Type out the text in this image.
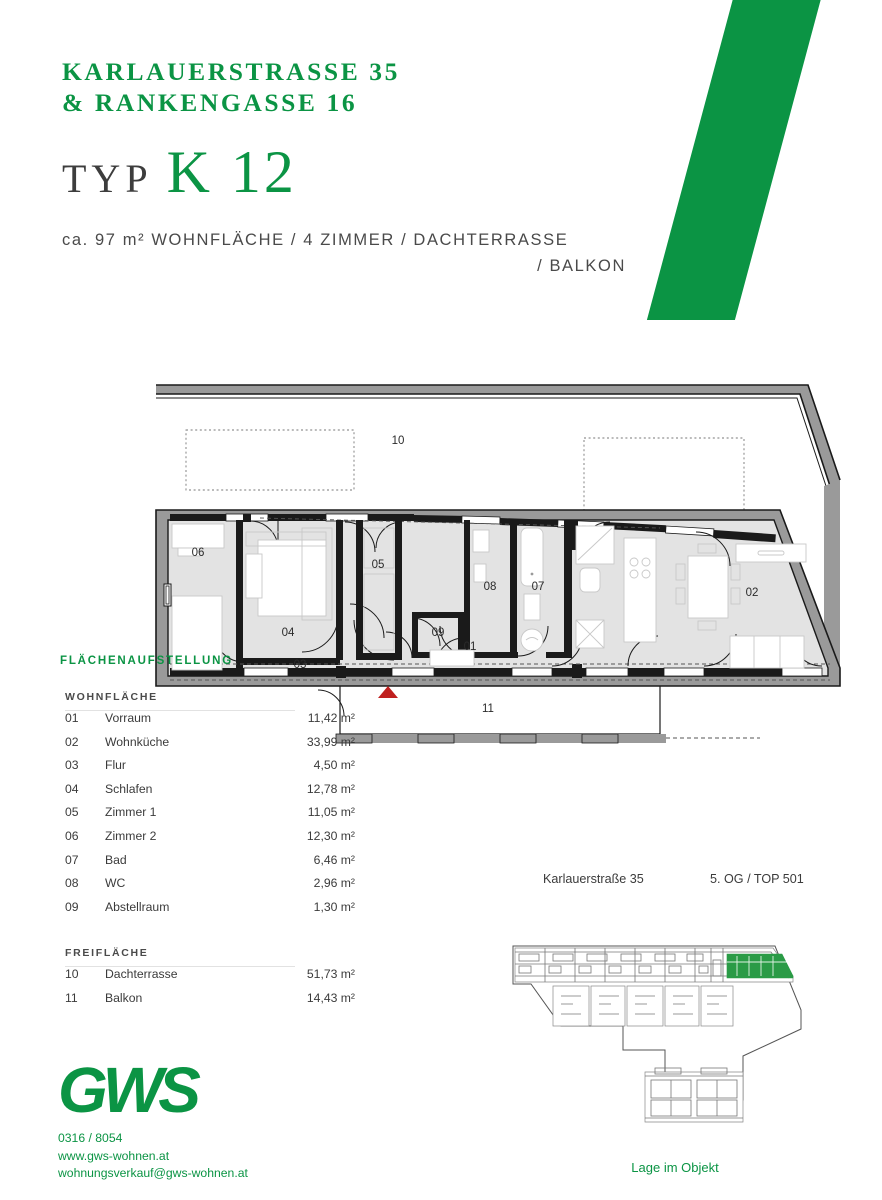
KARLAUERSTRASSE 35
& RANKENGASSE 16
TYP K 12
ca. 97 m² WOHNFLÄCHE / 4 ZIMMER / DACHTERRASSE
/ BALKON
10
11
06
04
03
05
09
08	07
01
02
FLÄCHENAUFSTELLUNG
WOHNFLÄCHE
01	Vorraum	11,42 m²
02	Wohnküche	33,99 m²
03	Flur	4,50 m²
04	Schlafen	12,78 m²
05	Zimmer 1	11,05 m²
06	Zimmer 2	12,30 m²
07	Bad	6,46 m²
08	WC	2,96 m²
09	Abstellraum	1,30 m²
FREIFLÄCHE
10	Dachterrasse	51,73 m²
11	Balkon	14,43 m²
GWS
0316 / 8054
www.gws-wohnen.at
wohnungsverkauf@gws-wohnen.at
Karlauerstraße 35	5. OG / TOP 501
Lage im Objekt
